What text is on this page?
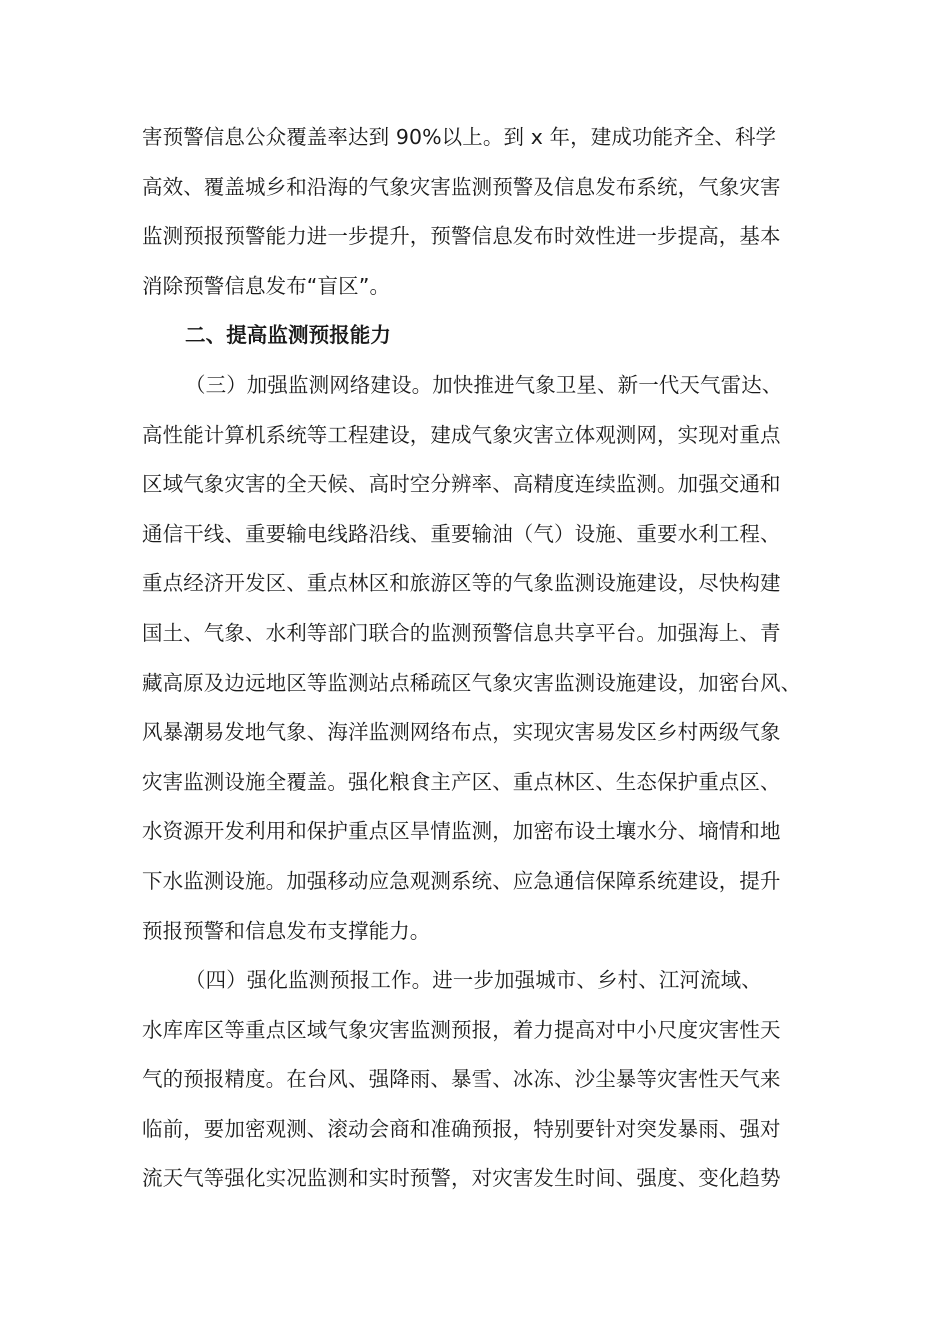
害预警信息公众覆盖率达到 90%以上。到 x 年，建成功能齐全、科学
高效、覆盖城乡和沿海的气象灾害监测预警及信息发布系统，气象灾害
监测预报预警能力进一步提升，预警信息发布时效性进一步提高，基本
消除预警信息发布“盲区”。
二、提高监测预报能力
（三）加强监测网络建设。加快推进气象卫星、新一代天气雷达、
高性能计算机系统等工程建设，建成气象灾害立体观测网，实现对重点
区域气象灾害的全天候、高时空分辨率、高精度连续监测。加强交通和
通信干线、重要输电线路沿线、重要输油（气）设施、重要水利工程、
重点经济开发区、重点林区和旅游区等的气象监测设施建设，尽快构建
国土、气象、水利等部门联合的监测预警信息共享平台。加强海上、青
藏高原及边远地区等监测站点稀疏区气象灾害监测设施建设，加密台风、
风暴潮易发地气象、海洋监测网络布点，实现灾害易发区乡村两级气象
灾害监测设施全覆盖。强化粮食主产区、重点林区、生态保护重点区、
水资源开发利用和保护重点区旱情监测，加密布设土壤水分、墒情和地
下水监测设施。加强移动应急观测系统、应急通信保障系统建设，提升
预报预警和信息发布支撑能力。
（四）强化监测预报工作。进一步加强城市、乡村、江河流域、
水库库区等重点区域气象灾害监测预报，着力提高对中小尺度灾害性天
气的预报精度。在台风、强降雨、暴雪、冰冻、沙尘暴等灾害性天气来
临前，要加密观测、滚动会商和准确预报，特别要针对突发暴雨、强对
流天气等强化实况监测和实时预警，对灾害发生时间、强度、变化趋势
